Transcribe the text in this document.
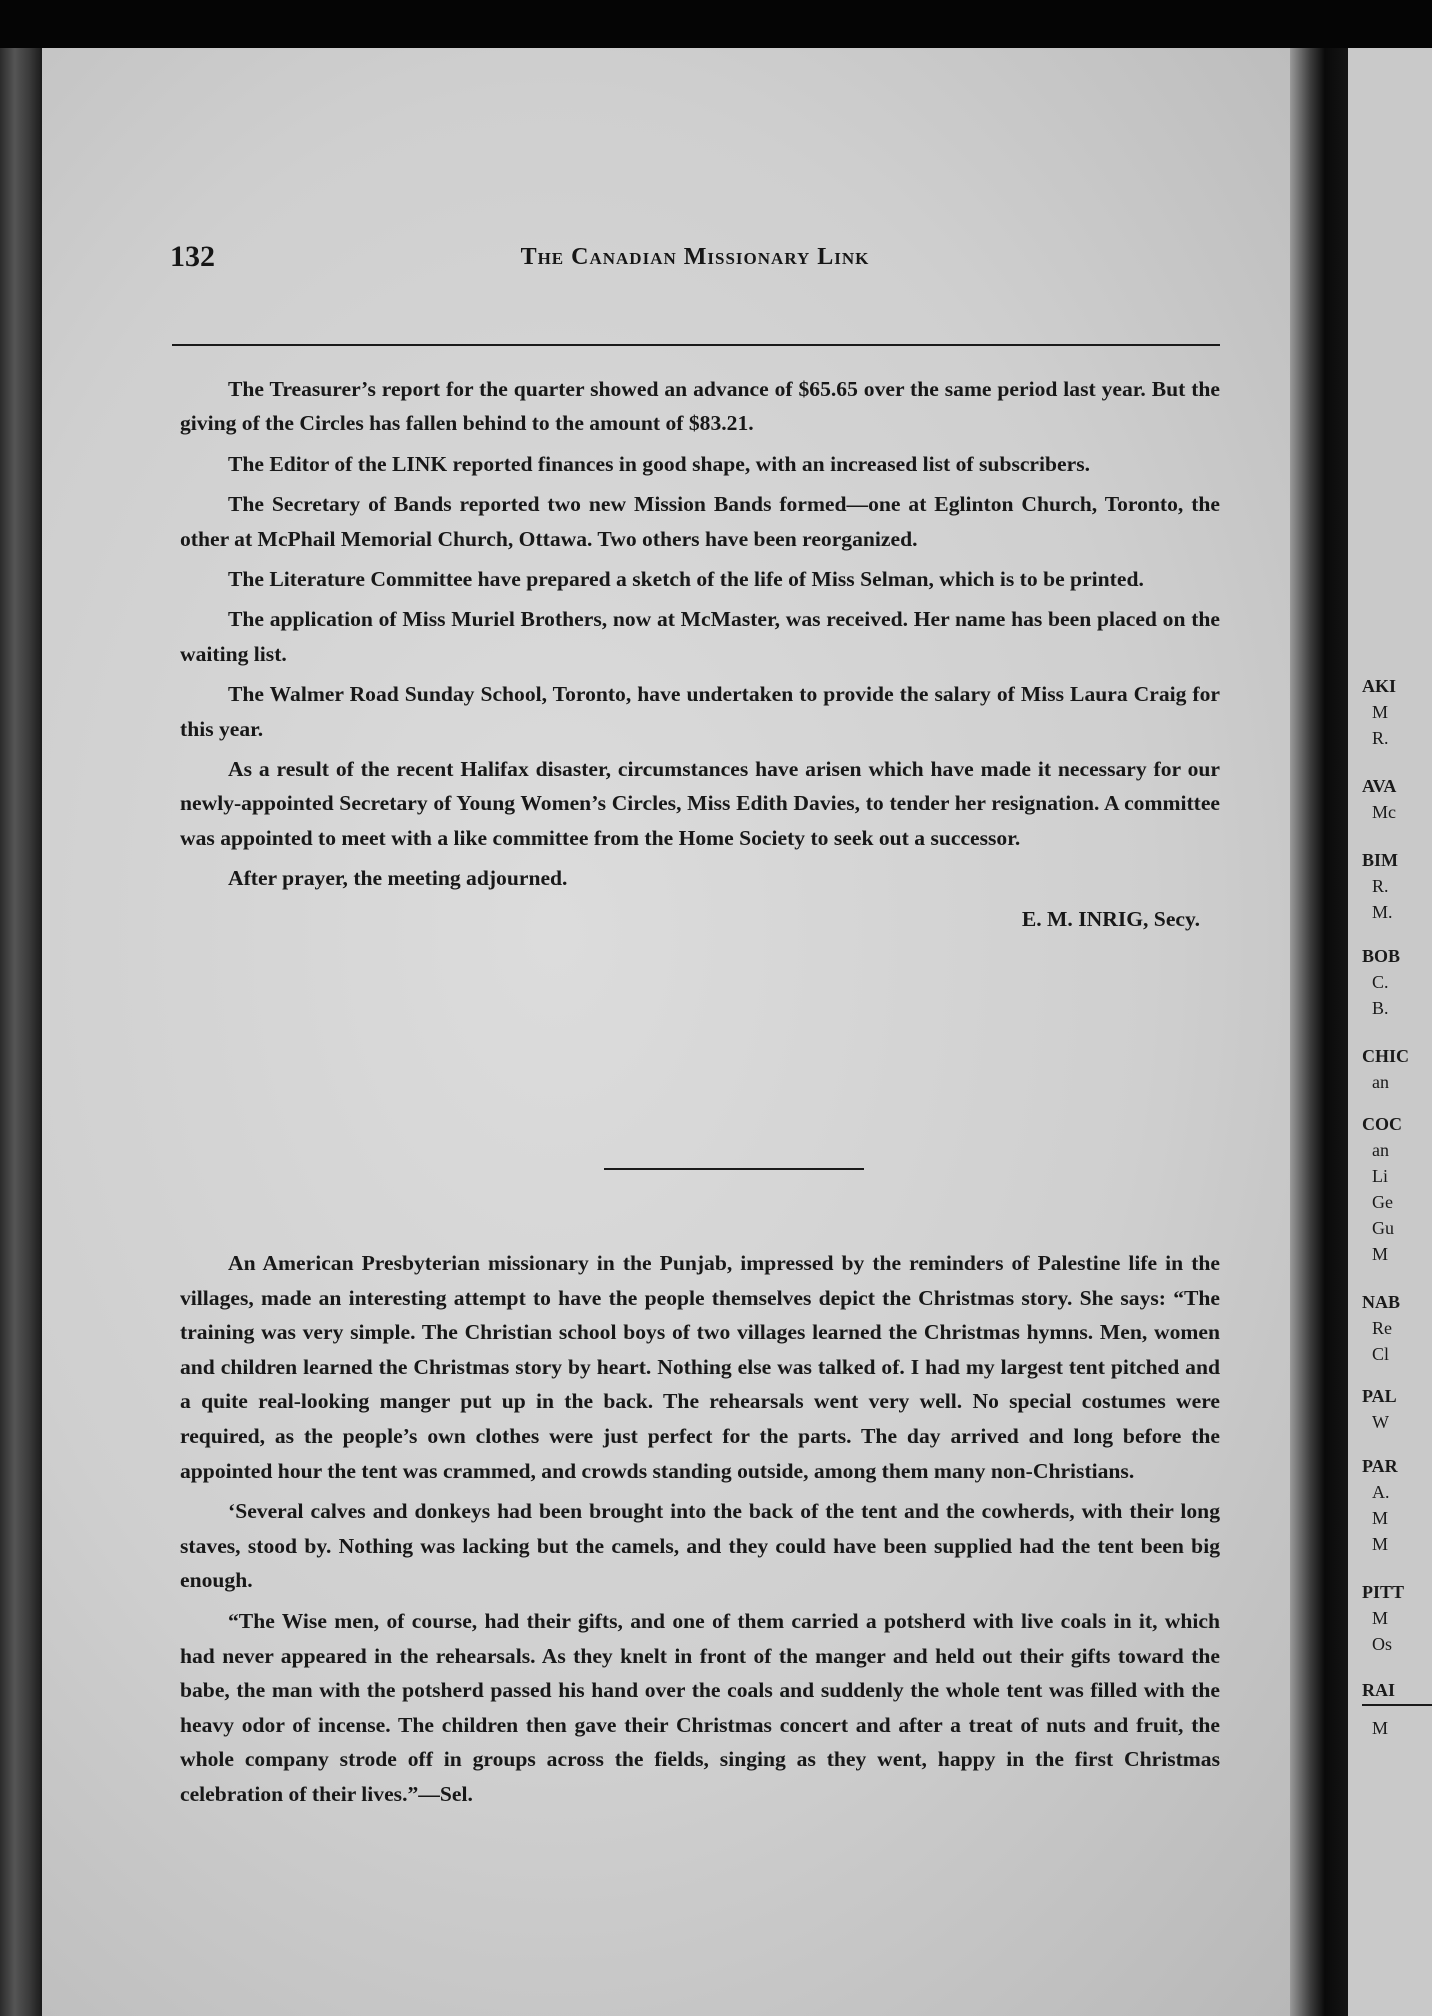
132	The Canadian Missionary Link

The Treasurer’s report for the quarter showed an advance of $65.65 over the same period last year. But the giving of the Circles has fallen behind to the amount of $83.21.

The Editor of the LINK reported finances in good shape, with an increased list of subscribers.

The Secretary of Bands reported two new Mission Bands formed—one at Eglinton Church, Toronto, the other at McPhail Memorial Church, Ottawa. Two others have been reorganized.

The Literature Committee have prepared a sketch of the life of Miss Selman, which is to be printed.

The application of Miss Muriel Brothers, now at McMaster, was received. Her name has been placed on the waiting list.

The Walmer Road Sunday School, Toronto, have undertaken to provide the salary of Miss Laura Craig for this year.

As a result of the recent Halifax disaster, circumstances have arisen which have made it necessary for our newly-appointed Secretary of Young Women’s Circles, Miss Edith Davies, to tender her resignation. A committee was appointed to meet with a like committee from the Home Society to seek out a successor.

After prayer, the meeting adjourned.

E. M. INRIG, Secy.

An American Presbyterian missionary in the Punjab, impressed by the reminders of Palestine life in the villages, made an interesting attempt to have the people themselves depict the Christmas story. She says: “The training was very simple. The Christian school boys of two villages learned the Christmas hymns. Men, women and children learned the Christmas story by heart. Nothing else was talked of. I had my largest tent pitched and a quite real-looking manger put up in the back. The rehearsals went very well. No special costumes were required, as the people’s own clothes were just perfect for the parts. The day arrived and long before the appointed hour the tent was crammed, and crowds standing outside, among them many non-Christians.

‘Several calves and donkeys had been brought into the back of the tent and the cowherds, with their long staves, stood by. Nothing was lacking but the camels, and they could have been supplied had the tent been big enough.

“The Wise men, of course, had their gifts, and one of them carried a potsherd with live coals in it, which had never appeared in the rehearsals. As they knelt in front of the manger and held out their gifts toward the babe, the man with the potsherd passed his hand over the coals and suddenly the whole tent was filled with the heavy odor of incense. The children then gave their Christmas concert and after a treat of nuts and fruit, the whole company strode off in groups across the fields, singing as they went, happy in the first Christmas celebration of their lives.”—Sel.

AKI
M
R.
AVA
Mc
BIM
R.
M.
BOB
C.
B.
CHIC
an
COC
an
Li
Ge
Gu
M
NAB
Re
Cl
PAL
W
PAR
A.
M
M
PITT
M
Os
RAI
M
